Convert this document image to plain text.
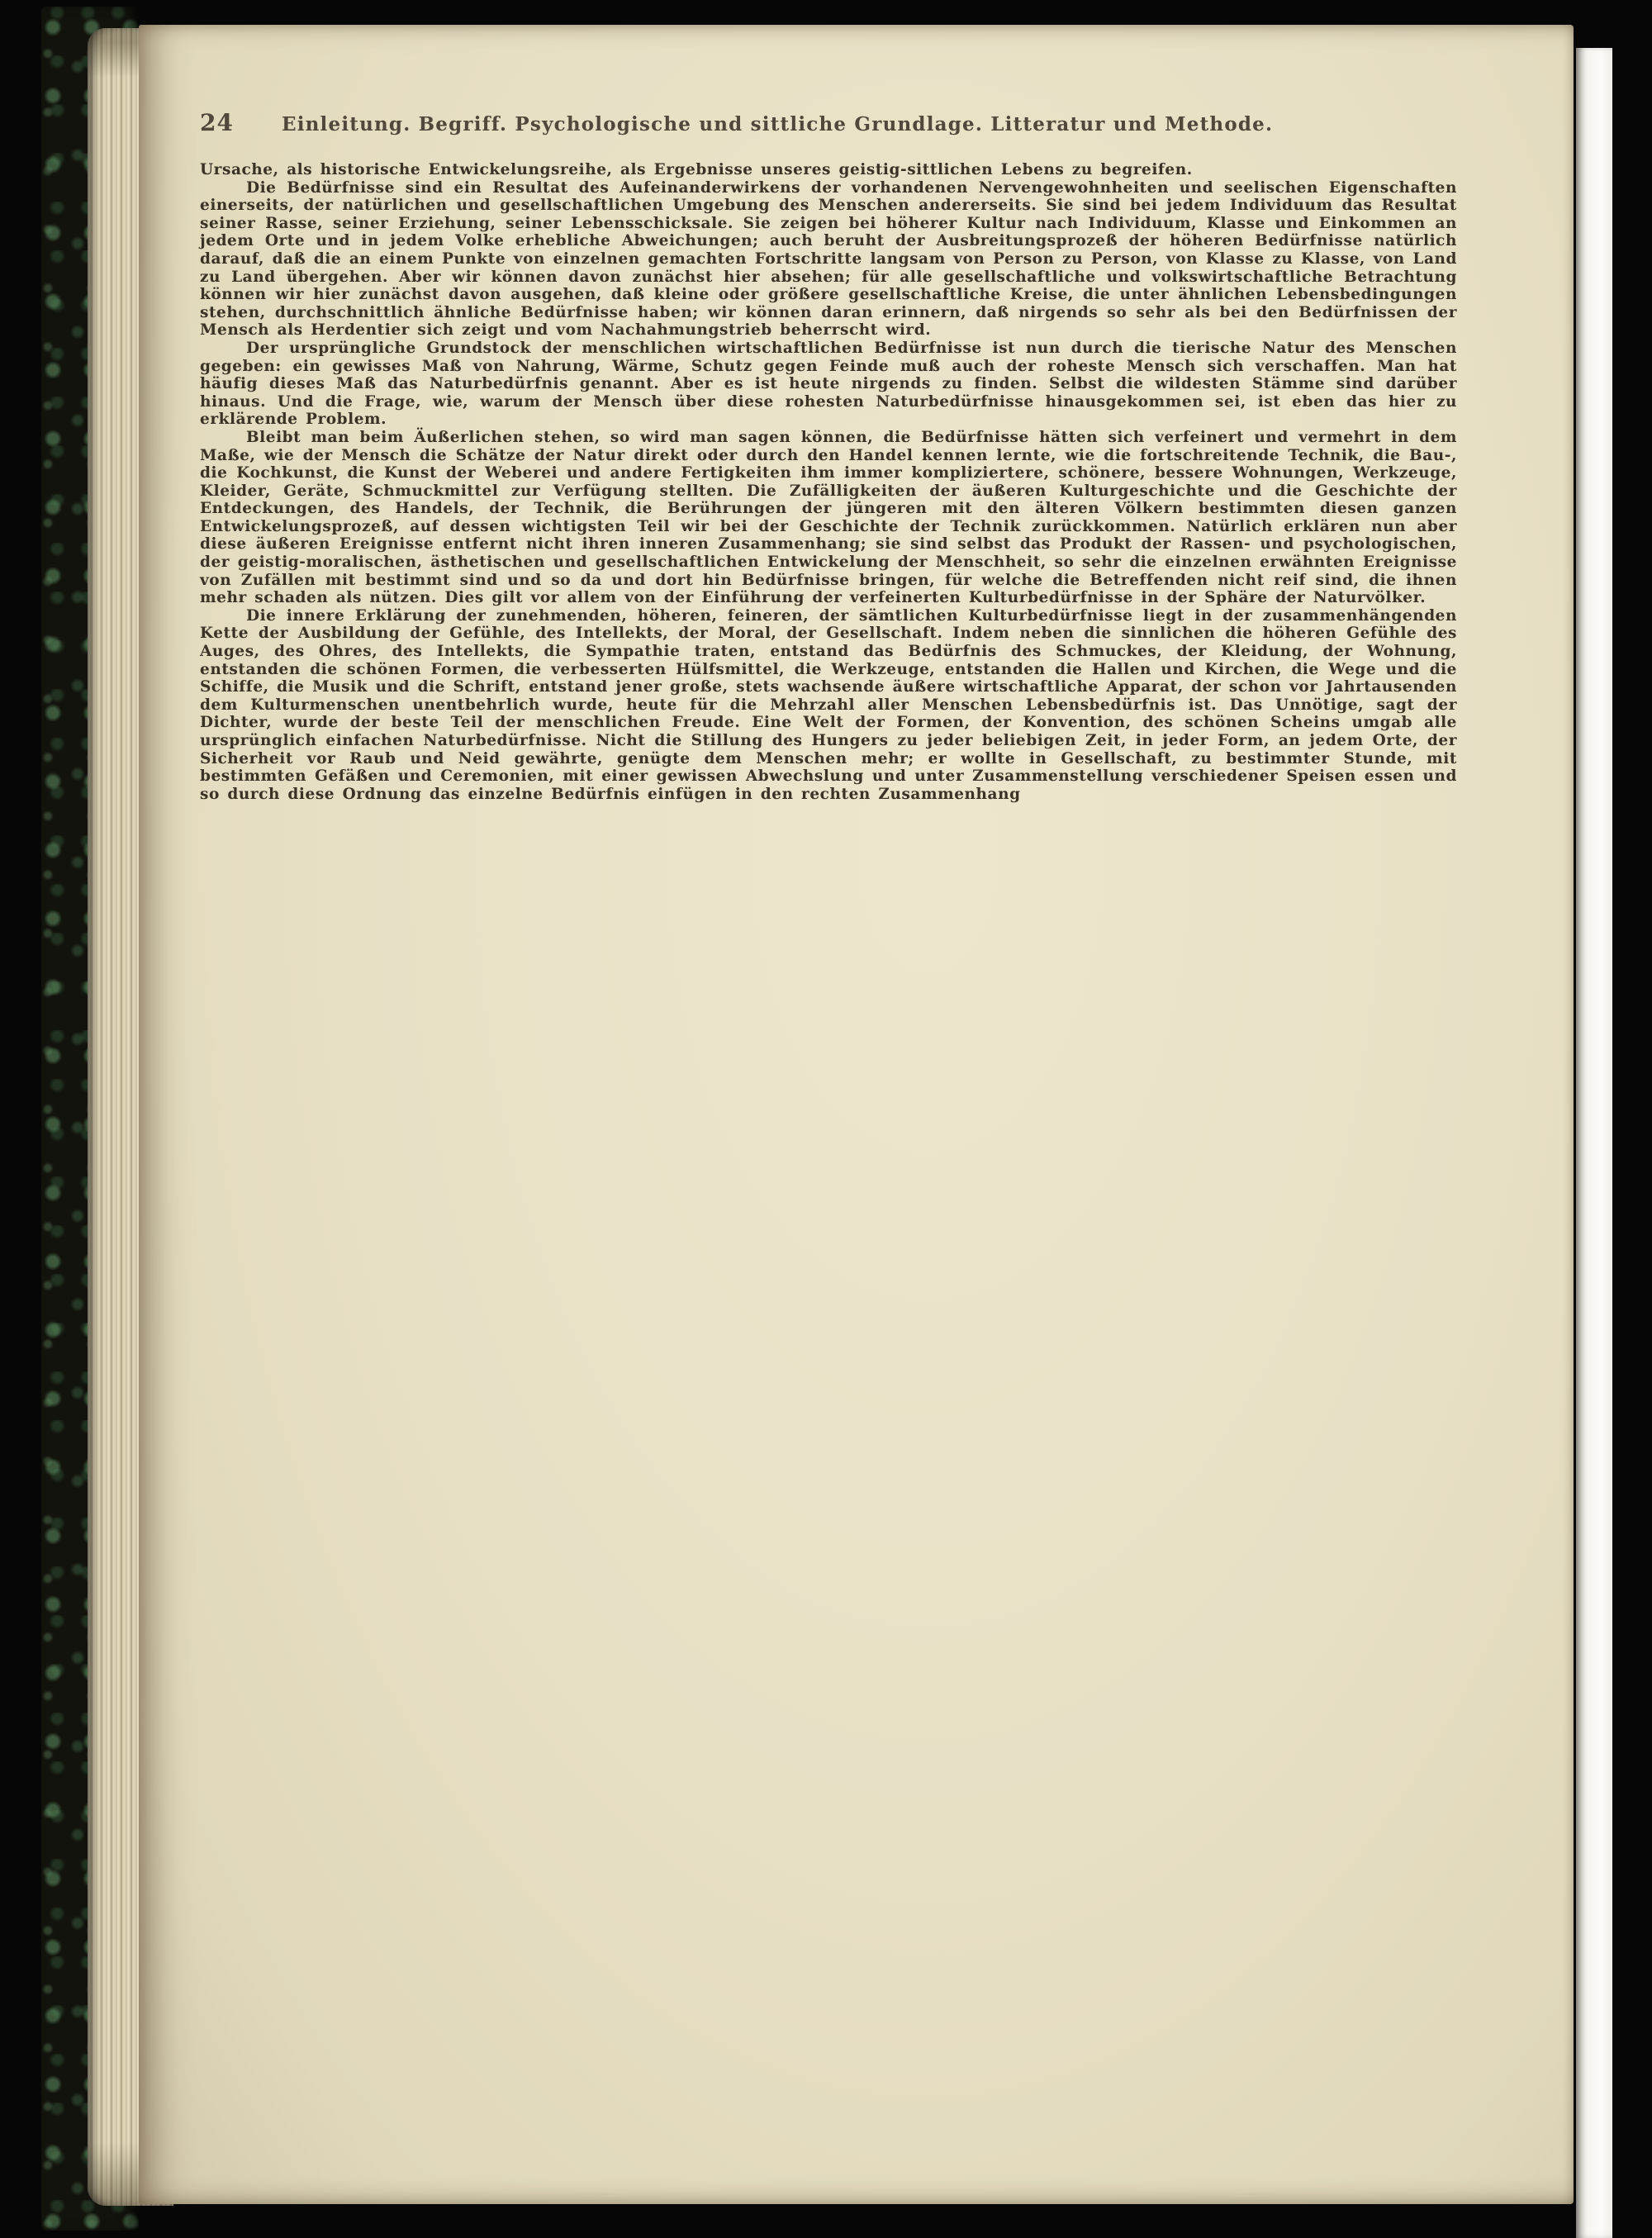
24	Einleitung. Begriff. Psychologische und sittliche Grundlage. Litteratur und Methode.

Ursache, als historische Entwickelungsreihe, als Ergebnisse unseres geistig-sittlichen Lebens zu begreifen.

Die Bedürfnisse sind ein Resultat des Aufeinanderwirkens der vorhandenen Nervengewohnheiten und seelischen Eigenschaften einerseits, der natürlichen und gesellschaftlichen Umgebung des Menschen andererseits. Sie sind bei jedem Individuum das Resultat seiner Rasse, seiner Erziehung, seiner Lebensschicksale. Sie zeigen bei höherer Kultur nach Individuum, Klasse und Einkommen an jedem Orte und in jedem Volke erhebliche Abweichungen; auch beruht der Ausbreitungsprozeß der höheren Bedürfnisse natürlich darauf, daß die an einem Punkte von einzelnen gemachten Fortschritte langsam von Person zu Person, von Klasse zu Klasse, von Land zu Land übergehen. Aber wir können davon zunächst hier absehen; für alle gesellschaftliche und volkswirtschaftliche Betrachtung können wir hier zunächst davon ausgehen, daß kleine oder größere gesellschaftliche Kreise, die unter ähnlichen Lebensbedingungen stehen, durchschnittlich ähnliche Bedürfnisse haben; wir können daran erinnern, daß nirgends so sehr als bei den Bedürfnissen der Mensch als Herdentier sich zeigt und vom Nachahmungstrieb beherrscht wird.

Der ursprüngliche Grundstock der menschlichen wirtschaftlichen Bedürfnisse ist nun durch die tierische Natur des Menschen gegeben: ein gewisses Maß von Nahrung, Wärme, Schutz gegen Feinde muß auch der roheste Mensch sich verschaffen. Man hat häufig dieses Maß das Naturbedürfnis genannt. Aber es ist heute nirgends zu finden. Selbst die wildesten Stämme sind darüber hinaus. Und die Frage, wie, warum der Mensch über diese rohesten Naturbedürfnisse hinausgekommen sei, ist eben das hier zu erklärende Problem.

Bleibt man beim Äußerlichen stehen, so wird man sagen können, die Bedürfnisse hätten sich verfeinert und vermehrt in dem Maße, wie der Mensch die Schätze der Natur direkt oder durch den Handel kennen lernte, wie die fortschreitende Technik, die Bau-, die Kochkunst, die Kunst der Weberei und andere Fertigkeiten ihm immer kompliziertere, schönere, bessere Wohnungen, Werkzeuge, Kleider, Geräte, Schmuckmittel zur Verfügung stellten. Die Zufälligkeiten der äußeren Kulturgeschichte und die Geschichte der Entdeckungen, des Handels, der Technik, die Berührungen der jüngeren mit den älteren Völkern bestimmten diesen ganzen Entwickelungsprozeß, auf dessen wichtigsten Teil wir bei der Geschichte der Technik zurückkommen. Natürlich erklären nun aber diese äußeren Ereignisse entfernt nicht ihren inneren Zusammenhang; sie sind selbst das Produkt der Rassen- und psychologischen, der geistig-moralischen, ästhetischen und gesellschaftlichen Entwickelung der Menschheit, so sehr die einzelnen erwähnten Ereignisse von Zufällen mit bestimmt sind und so da und dort hin Bedürfnisse bringen, für welche die Betreffenden nicht reif sind, die ihnen mehr schaden als nützen. Dies gilt vor allem von der Einführung der verfeinerten Kulturbedürfnisse in der Sphäre der Naturvölker.

Die innere Erklärung der zunehmenden, höheren, feineren, der sämtlichen Kulturbedürfnisse liegt in der zusammenhängenden Kette der Ausbildung der Gefühle, des Intellekts, der Moral, der Gesellschaft. Indem neben die sinnlichen die höheren Gefühle des Auges, des Ohres, des Intellekts, die Sympathie traten, entstand das Bedürfnis des Schmuckes, der Kleidung, der Wohnung, entstanden die schönen Formen, die verbesserten Hülfsmittel, die Werkzeuge, entstanden die Hallen und Kirchen, die Wege und die Schiffe, die Musik und die Schrift, entstand jener große, stets wachsende äußere wirtschaftliche Apparat, der schon vor Jahrtausenden dem Kulturmenschen unentbehrlich wurde, heute für die Mehrzahl aller Menschen Lebensbedürfnis ist. Das Unnötige, sagt der Dichter, wurde der beste Teil der menschlichen Freude. Eine Welt der Formen, der Konvention, des schönen Scheins umgab alle ursprünglich einfachen Naturbedürfnisse. Nicht die Stillung des Hungers zu jeder beliebigen Zeit, in jeder Form, an jedem Orte, der Sicherheit vor Raub und Neid gewährte, genügte dem Menschen mehr; er wollte in Gesellschaft, zu bestimmter Stunde, mit bestimmten Gefäßen und Ceremonien, mit einer gewissen Abwechslung und unter Zusammenstellung verschiedener Speisen essen und so durch diese Ordnung das einzelne Bedürfnis einfügen in den rechten Zusammenhang
